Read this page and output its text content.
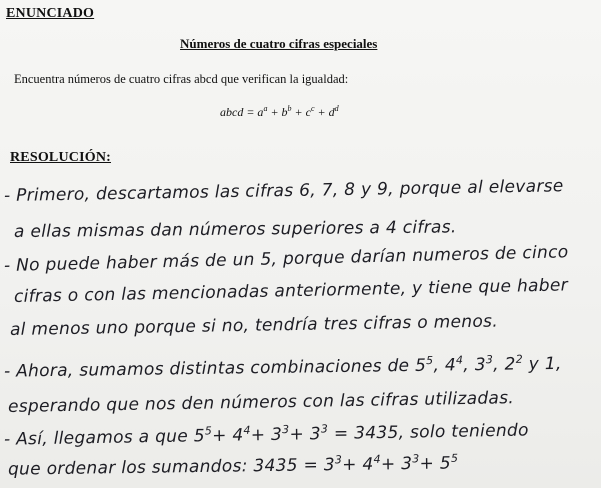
ENUNCIADO
Números de cuatro cifras especiales
Encuentra números de cuatro cifras abcd que verifican la igualdad:
abcd = $a^a + b^b + c^c + d^d$
RESOLUCIÓN:
- Primero, descartamos las cifras 6, 7, 8 y 9, porque al elevarse
a ellas mismas dan números superiores a 4 cifras.
- No puede haber más de un 5, porque darían numeros de cinco
cifras o con las mencionadas anteriormente, y tiene que haber
al menos uno porque si no, tendría tres cifras o menos.
- Ahora, sumamos distintas combinaciones de $5^5$, $4^4$, $3^3$, $2^2$ y 1,
esperando que nos den números con las cifras utilizadas.
- Así, llegamos a que $5^5+ 4^4+ 3^3+ 3^3 = 3435$, solo teniendo
que ordenar los sumandos: $3435 = 3^3+ 4^4+ 3^3+ 5^5$
